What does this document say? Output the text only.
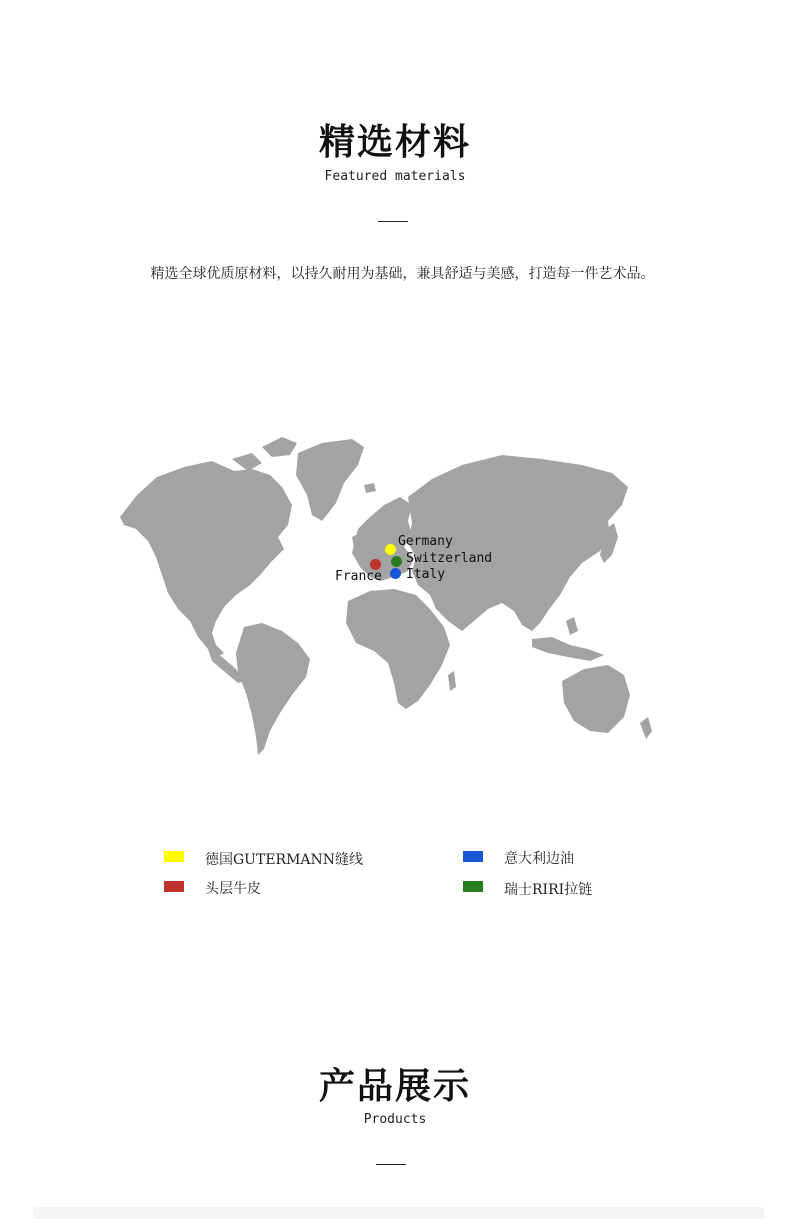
精选材料
Featured materials
精选全球优质原材料，以持久耐用为基础，兼具舒适与美感，打造每一件艺术品。
Germany
Switzerland
France Italy
德国GUTERMANN缝线	意大利边油
头层牛皮	瑞士RIRI拉链
产品展示
Products
